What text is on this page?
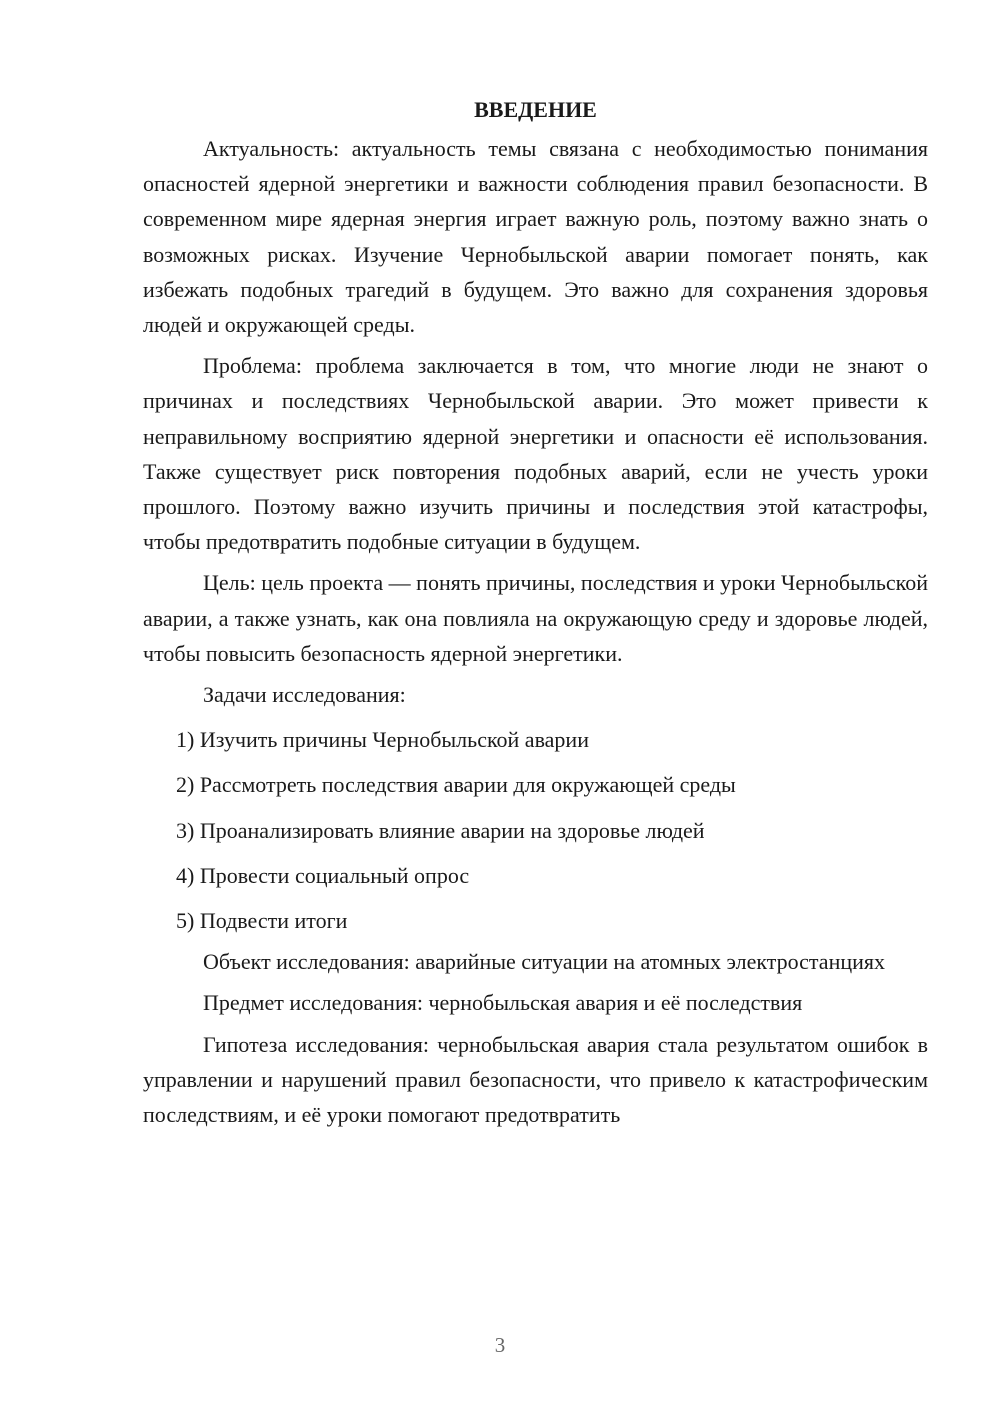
ВВЕДЕНИЕ

Актуальность: актуальность темы связана с необходимостью понимания опасностей ядерной энергетики и важности соблюдения правил безопасности. В современном мире ядерная энергия играет важную роль, поэтому важно знать о возможных рисках. Изучение Чернобыльской аварии помогает понять, как избежать подобных трагедий в будущем. Это важно для сохранения здоровья людей и окружающей среды.

Проблема: проблема заключается в том, что многие люди не знают о причинах и последствиях Чернобыльской аварии. Это может привести к неправильному восприятию ядерной энергетики и опасности её использования. Также существует риск повторения подобных аварий, если не учесть уроки прошлого. Поэтому важно изучить причины и последствия этой катастрофы, чтобы предотвратить подобные ситуации в будущем.

Цель: цель проекта — понять причины, последствия и уроки Чернобыльской аварии, а также узнать, как она повлияла на окружающую среду и здоровье людей, чтобы повысить безопасность ядерной энергетики.

Задачи исследования:

1) Изучить причины Чернобыльской аварии
2) Рассмотреть последствия аварии для окружающей среды
3) Проанализировать влияние аварии на здоровье людей
4) Провести социальный опрос
5) Подвести итоги

Объект исследования: аварийные ситуации на атомных электростанциях

Предмет исследования: чернобыльская авария и её последствия

Гипотеза исследования: чернобыльская авария стала результатом ошибок в управлении и нарушений правил безопасности, что привело к катастрофическим последствиям, и её уроки помогают предотвратить

3
